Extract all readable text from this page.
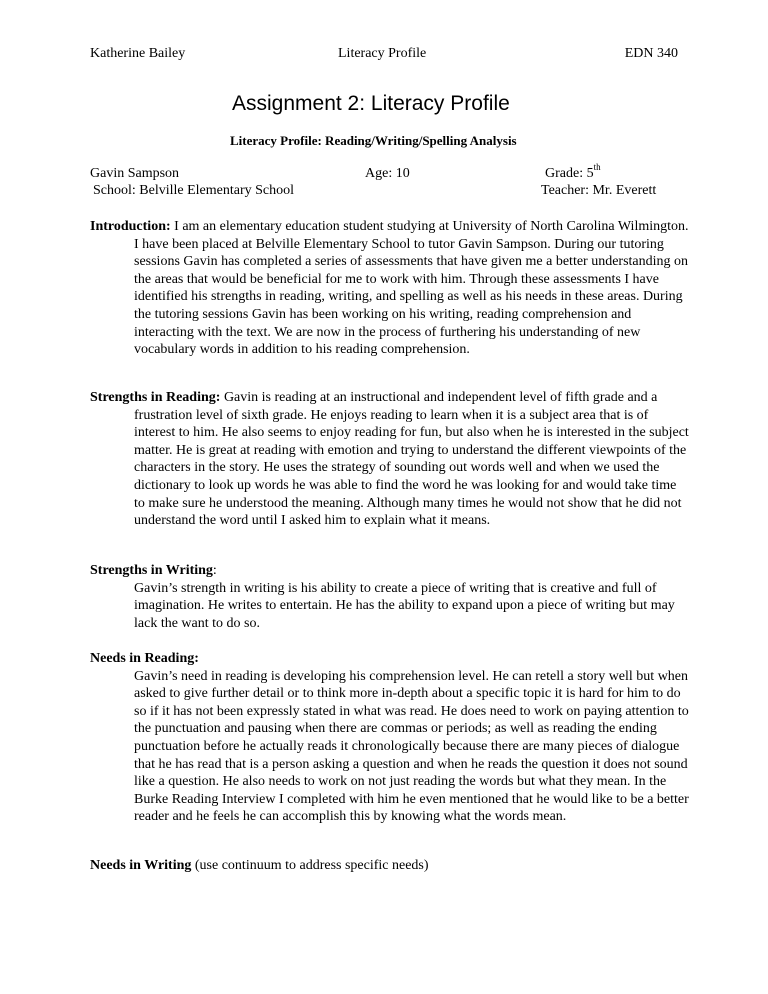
Katherine Bailey	Literacy Profile	EDN 340
Assignment 2: Literacy Profile
Literacy Profile: Reading/Writing/Spelling Analysis
Gavin Sampson	Age: 10	Grade: 5th
School: Belville Elementary School	Teacher: Mr. Everett

Introduction: I am an elementary education student studying at University of North Carolina Wilmington. I have been placed at Belville Elementary School to tutor Gavin Sampson. During our tutoring sessions Gavin has completed a series of assessments that have given me a better understanding on the areas that would be beneficial for me to work with him. Through these assessments I have identified his strengths in reading, writing, and spelling as well as his needs in these areas. During the tutoring sessions Gavin has been working on his writing, reading comprehension and interacting with the text. We are now in the process of furthering his understanding of new vocabulary words in addition to his reading comprehension.

Strengths in Reading: Gavin is reading at an instructional and independent level of fifth grade and a frustration level of sixth grade. He enjoys reading to learn when it is a subject area that is of interest to him. He also seems to enjoy reading for fun, but also when he is interested in the subject matter. He is great at reading with emotion and trying to understand the different viewpoints of the characters in the story. He uses the strategy of sounding out words well and when we used the dictionary to look up words he was able to find the word he was looking for and would take time to make sure he understood the meaning. Although many times he would not show that he did not understand the word until I asked him to explain what it means.

Strengths in Writing:

Gavin’s strength in writing is his ability to create a piece of writing that is creative and full of imagination. He writes to entertain. He has the ability to expand upon a piece of writing but may lack the want to do so.

Needs in Reading:

Gavin’s need in reading is developing his comprehension level. He can retell a story well but when asked to give further detail or to think more in-depth about a specific topic it is hard for him to do so if it has not been expressly stated in what was read. He does need to work on paying attention to the punctuation and pausing when there are commas or periods; as well as reading the ending punctuation before he actually reads it chronologically because there are many pieces of dialogue that he has read that is a person asking a question and when he reads the question it does not sound like a question. He also needs to work on not just reading the words but what they mean. In the Burke Reading Interview I completed with him he even mentioned that he would like to be a better reader and he feels he can accomplish this by knowing what the words mean.

Needs in Writing (use continuum to address specific needs)
